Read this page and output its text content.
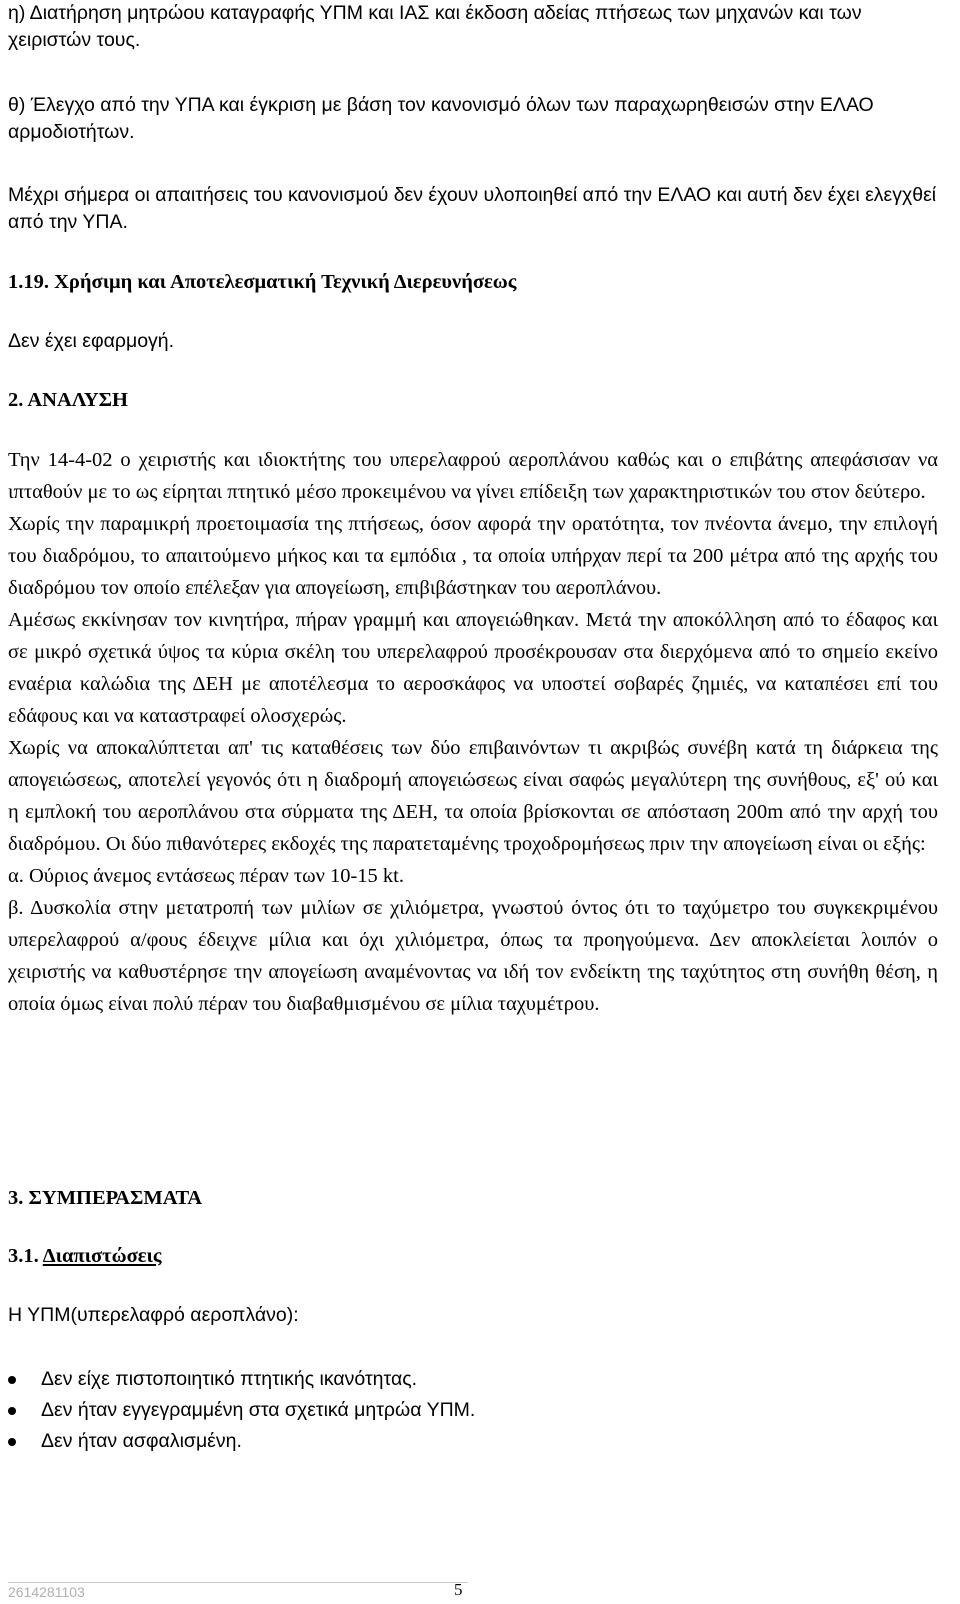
η) Διατήρηση μητρώου καταγραφής ΥΠΜ και ΙΑΣ και έκδοση αδείας πτήσεως των μηχανών και των χειριστών τους.

θ) Έλεγχο από την ΥΠΑ και έγκριση με βάση τον κανονισμό όλων των παραχωρηθεισών στην ΕΛΑΟ αρμοδιοτήτων.

Μέχρι σήμερα οι απαιτήσεις του κανονισμού δεν έχουν υλοποιηθεί από την ΕΛΑΟ και αυτή δεν έχει ελεγχθεί από την ΥΠΑ.

1.19. Χρήσιμη και Αποτελεσματική Τεχνική Διερευνήσεως

Δεν έχει εφαρμογή.

2. ΑΝΑΛΥΣΗ

Την 14-4-02 ο χειριστής και ιδιοκτήτης του υπερελαφρού αεροπλάνου καθώς και ο επιβάτης απεφάσισαν να ιπταθούν με το ως είρηται πτητικό μέσο προκειμένου να γίνει επίδειξη των χαρακτηριστικών του στον δεύτερο.

Χωρίς την παραμικρή προετοιμασία της πτήσεως, όσον αφορά την ορατότητα, τον πνέοντα άνεμο, την επιλογή του διαδρόμου, το απαιτούμενο μήκος και τα εμπόδια , τα οποία υπήρχαν περί τα 200 μέτρα από της αρχής του διαδρόμου τον οποίο επέλεξαν για απογείωση, επιβιβάστηκαν του αεροπλάνου.

Αμέσως εκκίνησαν τον κινητήρα, πήραν γραμμή και απογειώθηκαν. Μετά την αποκόλληση από το έδαφος και σε μικρό σχετικά ύψος τα κύρια σκέλη του υπερελαφρού προσέκρουσαν στα διερχόμενα από το σημείο εκείνο εναέρια καλώδια της ΔΕΗ με αποτέλεσμα το αεροσκάφος να υποστεί σοβαρές ζημιές, να καταπέσει επί του εδάφους και να καταστραφεί ολοσχερώς.

Χωρίς να αποκαλύπτεται απ' τις καταθέσεις των δύο επιβαινόντων τι ακριβώς συνέβη κατά τη διάρκεια της απογειώσεως, αποτελεί γεγονός ότι η διαδρομή απογειώσεως είναι σαφώς μεγαλύτερη της συνήθους, εξ' ού και η εμπλοκή του αεροπλάνου στα σύρματα της ΔΕΗ, τα οποία βρίσκονται σε απόσταση 200m από την αρχή του διαδρόμου. Οι δύο πιθανότερες εκδοχές της παρατεταμένης τροχοδρομήσεως πριν την απογείωση είναι οι εξής:

α. Ούριος άνεμος εντάσεως πέραν των 10-15 kt.

β. Δυσκολία στην μετατροπή των μιλίων σε χιλιόμετρα, γνωστού όντος ότι το ταχύμετρο του συγκεκριμένου υπερελαφρού α/φους έδειχνε μίλια και όχι χιλιόμετρα, όπως τα προηγούμενα. Δεν αποκλείεται λοιπόν ο χειριστής να καθυστέρησε την απογείωση αναμένοντας να ιδή τον ενδείκτη της ταχύτητος στη συνήθη θέση, η οποία όμως είναι πολύ πέραν του διαβαθμισμένου σε μίλια ταχυμέτρου.

3. ΣΥΜΠΕΡΑΣΜΑΤΑ

3.1. Διαπιστώσεις

Η ΥΠΜ(υπερελαφρό αεροπλάνο):

Δεν είχε πιστοποιητικό πτητικής ικανότητας.
Δεν ήταν εγγεγραμμένη στα σχετικά μητρώα ΥΠΜ.
Δεν ήταν ασφαλισμένη.
2614281103	5
